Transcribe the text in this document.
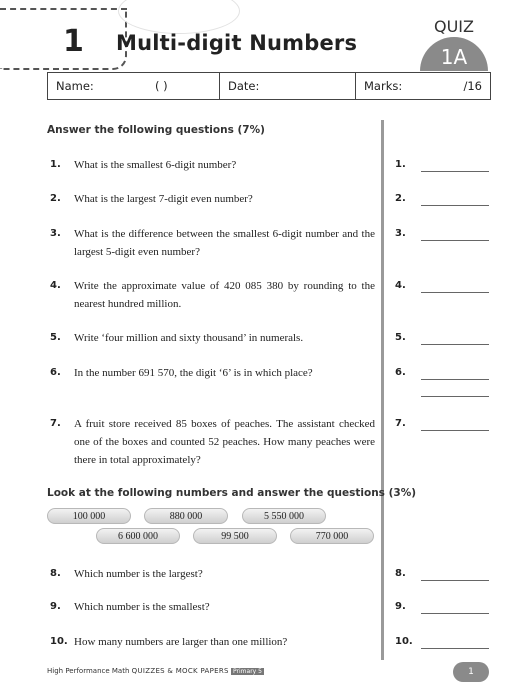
1 Multi-digit Numbers
QUIZ
1A
Name:	( )	Date:	Marks:	/16
Answer the following questions (7%)
1. What is the smallest 6-digit number?
2. What is the largest 7-digit even number?
3. What is the difference between the smallest 6-digit number and the largest 5-digit even number?
4. Write the approximate value of 420 085 380 by rounding to the nearest hundred million.
5. Write ‘four million and sixty thousand’ in numerals.
6. In the number 691 570, the digit ‘6’ is in which place?
7. A fruit store received 85 boxes of peaches. The assistant checked one of the boxes and counted 52 peaches. How many peaches were there in total approximately?
1.
2.
3.
4.
5.
6.
7.
Look at the following numbers and answer the questions (3%)
100 000	880 000	5 550 000
6 600 000	99 500	770 000
8. Which number is the largest?
9. Which number is the smallest?
10. How many numbers are larger than one million?
8.
9.
10.
High Performance Math QUIZZES & MOCK PAPERS Primary 5	1
